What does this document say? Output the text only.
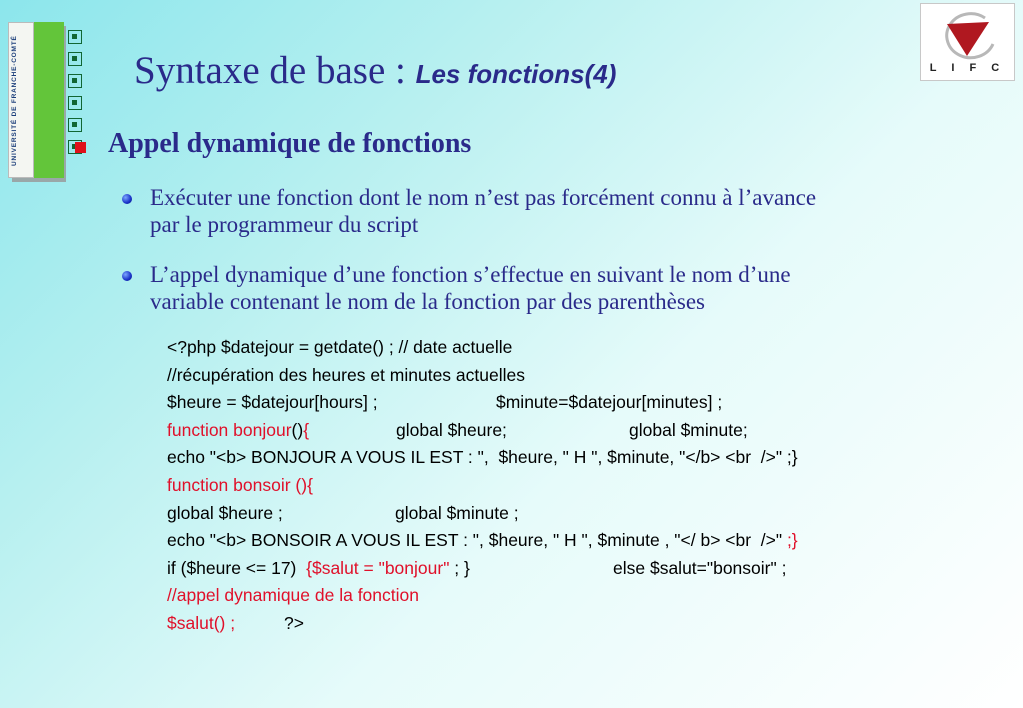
UNIVERSITÉ DE FRANCHE-COMTÉ	L I F C
Syntaxe de base : Les fonctions(4)
Appel dynamique de fonctions
Exécuter une fonction dont le nom n’est pas forcément connu à l’avance
par le programmeur du script
L’appel dynamique d’une fonction s’effectue en suivant le nom d’une
variable contenant le nom de la fonction par des parenthèses
<?php $datejour = getdate() ; // date actuelle
//récupération des heures et minutes actuelles

$heure = $datejour[hours] ;

	$minute=$datejour[minutes] ;

function bonjour(){

	global $heure;

	global $minute;

echo "<b> BONJOUR A VOUS IL EST : ",  $heure, " H ", $minute, "</b> <br  />" ;}
function bonsoir (){

global $heure ;

	global $minute ;

echo "<b> BONSOIR A VOUS IL EST : ", $heure, " H ", $minute , "</ b> <br  />" ;}

if ($heure <= 17)  {$salut = "bonjour" ; }

	else $salut="bonsoir" ;

//appel dynamique de la fonction

$salut() ;

	?>
